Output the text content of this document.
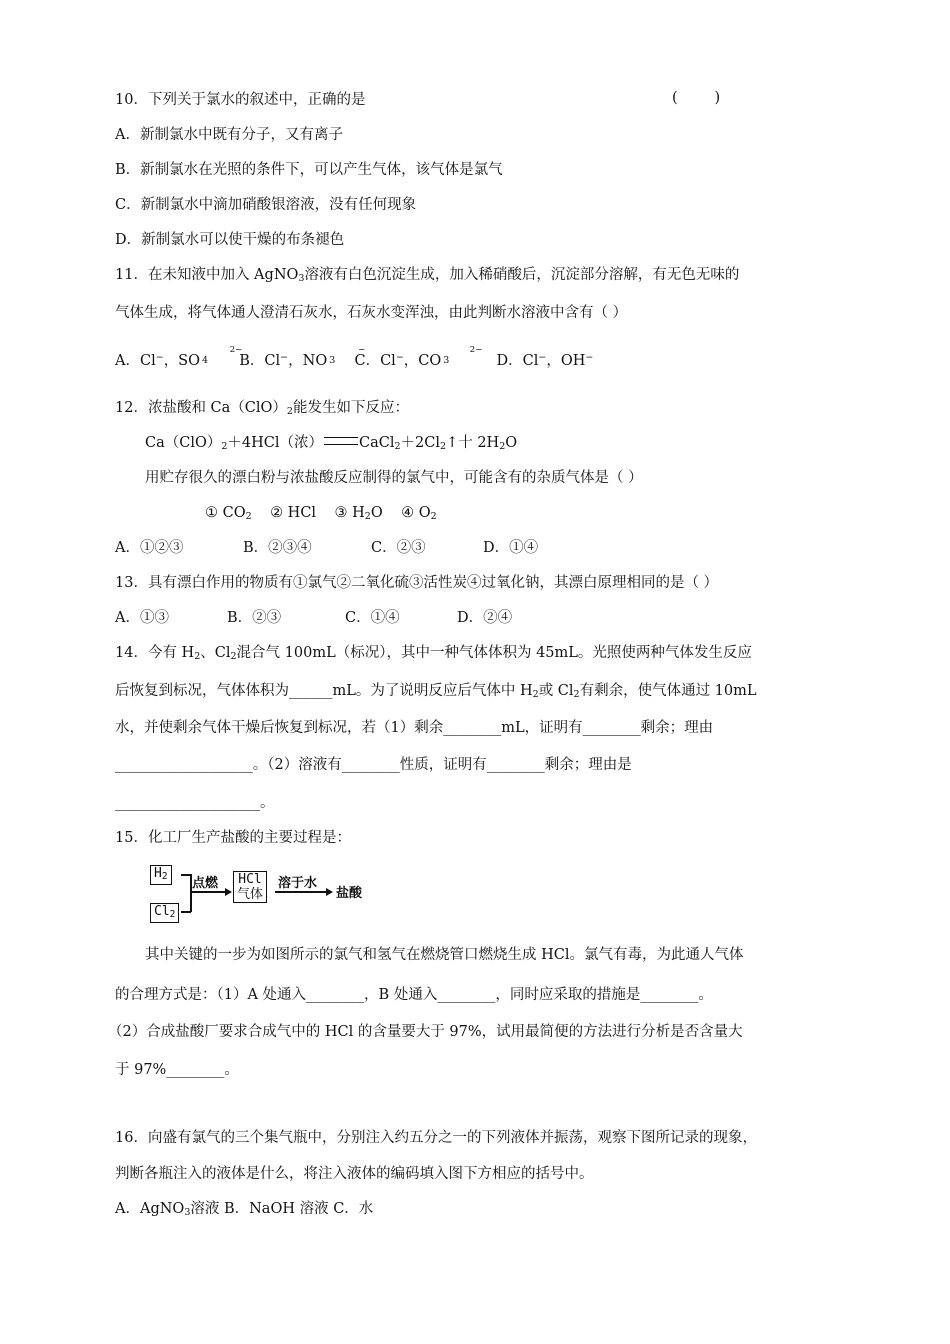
10．下列关于氯水的叙述中，正确的是	(        )
A．新制氯水中既有分子，又有离子
B．新制氯水在光照的条件下，可以产生气体，该气体是氯气
C．新制氯水中滴加硝酸银溶液，没有任何现象
D．新制氯水可以使干燥的布条褪色
11．在未知液中加入 AgNO$_3$溶液有白色沉淀生成，加入稀硝酸后，沉淀部分溶解，有无色无味的
气体生成，将气体通人澄清石灰水，石灰水变浑浊，由此判断水溶液中含有（ ）
A．Cl−，SO
2−
$^4$ B．Cl−，NO
−
$^3$ C．Cl−，CO
2−
$^3$	D．Cl−，OH−
12．浓盐酸和 $Ca(ClO)_2$能发生如下反应：
$Ca(ClO)_2+4HCl$（浓） $CaCl_2+2Cl_2↑$十 $2H_2O$
用贮存很久的漂白粉与浓盐酸反应制得的氯气中，可能含有的杂质气体是（ ）
① $CO_2$ ② HCl ③ $H_2O$ ④ $O_2$
A．①②③	B．②③④	C．②③	D．①④
13．具有漂白作用的物质有①氯气②二氧化硫③活性炭④过氧化钠，其漂白原理相同的是（ ）
A．①③	B．②③	C．①④	D．②④
14．今有 $H_2$、$Cl_2$混合气 100mL（标况），其中一种气体体积为 45mL。光照使两种气体发生反应
后恢复到标况，气体体积为______mL。为了说明反应后气体中 $H_2$或 $Cl_2$有剩余，使气体通过 10mL
水，并使剩余气体干燥后恢复到标况，若（1）剩余________mL，证明有________剩余；理由
___________________。（2）溶液有________性质，证明有________剩余；理由是
____________________。
15．化工厂生产盐酸的主要过程是：
$H_2$
$Cl_2$
点燃	HCl
气体
溶于水
盐酸
其中关键的一步为如图所示的氯气和氢气在燃烧管口燃烧生成 HCl。氯气有毒，为此通人气体
的合理方式是：（1）A 处通入________，B 处通入________，同时应采取的措施是________。
（2）合成盐酸厂要求合成气中的 HCl 的含量要大于 97%，试用最简便的方法进行分析是否含量大
于 97%________。
16．向盛有氯气的三个集气瓶中，分别注入约五分之一的下列液体并振荡，观察下图所记录的现象，
判断各瓶注入的液体是什么，将注入液体的编码填入图下方相应的括号中。
A．AgNO$_3$溶液 B．NaOH 溶液 C．水
